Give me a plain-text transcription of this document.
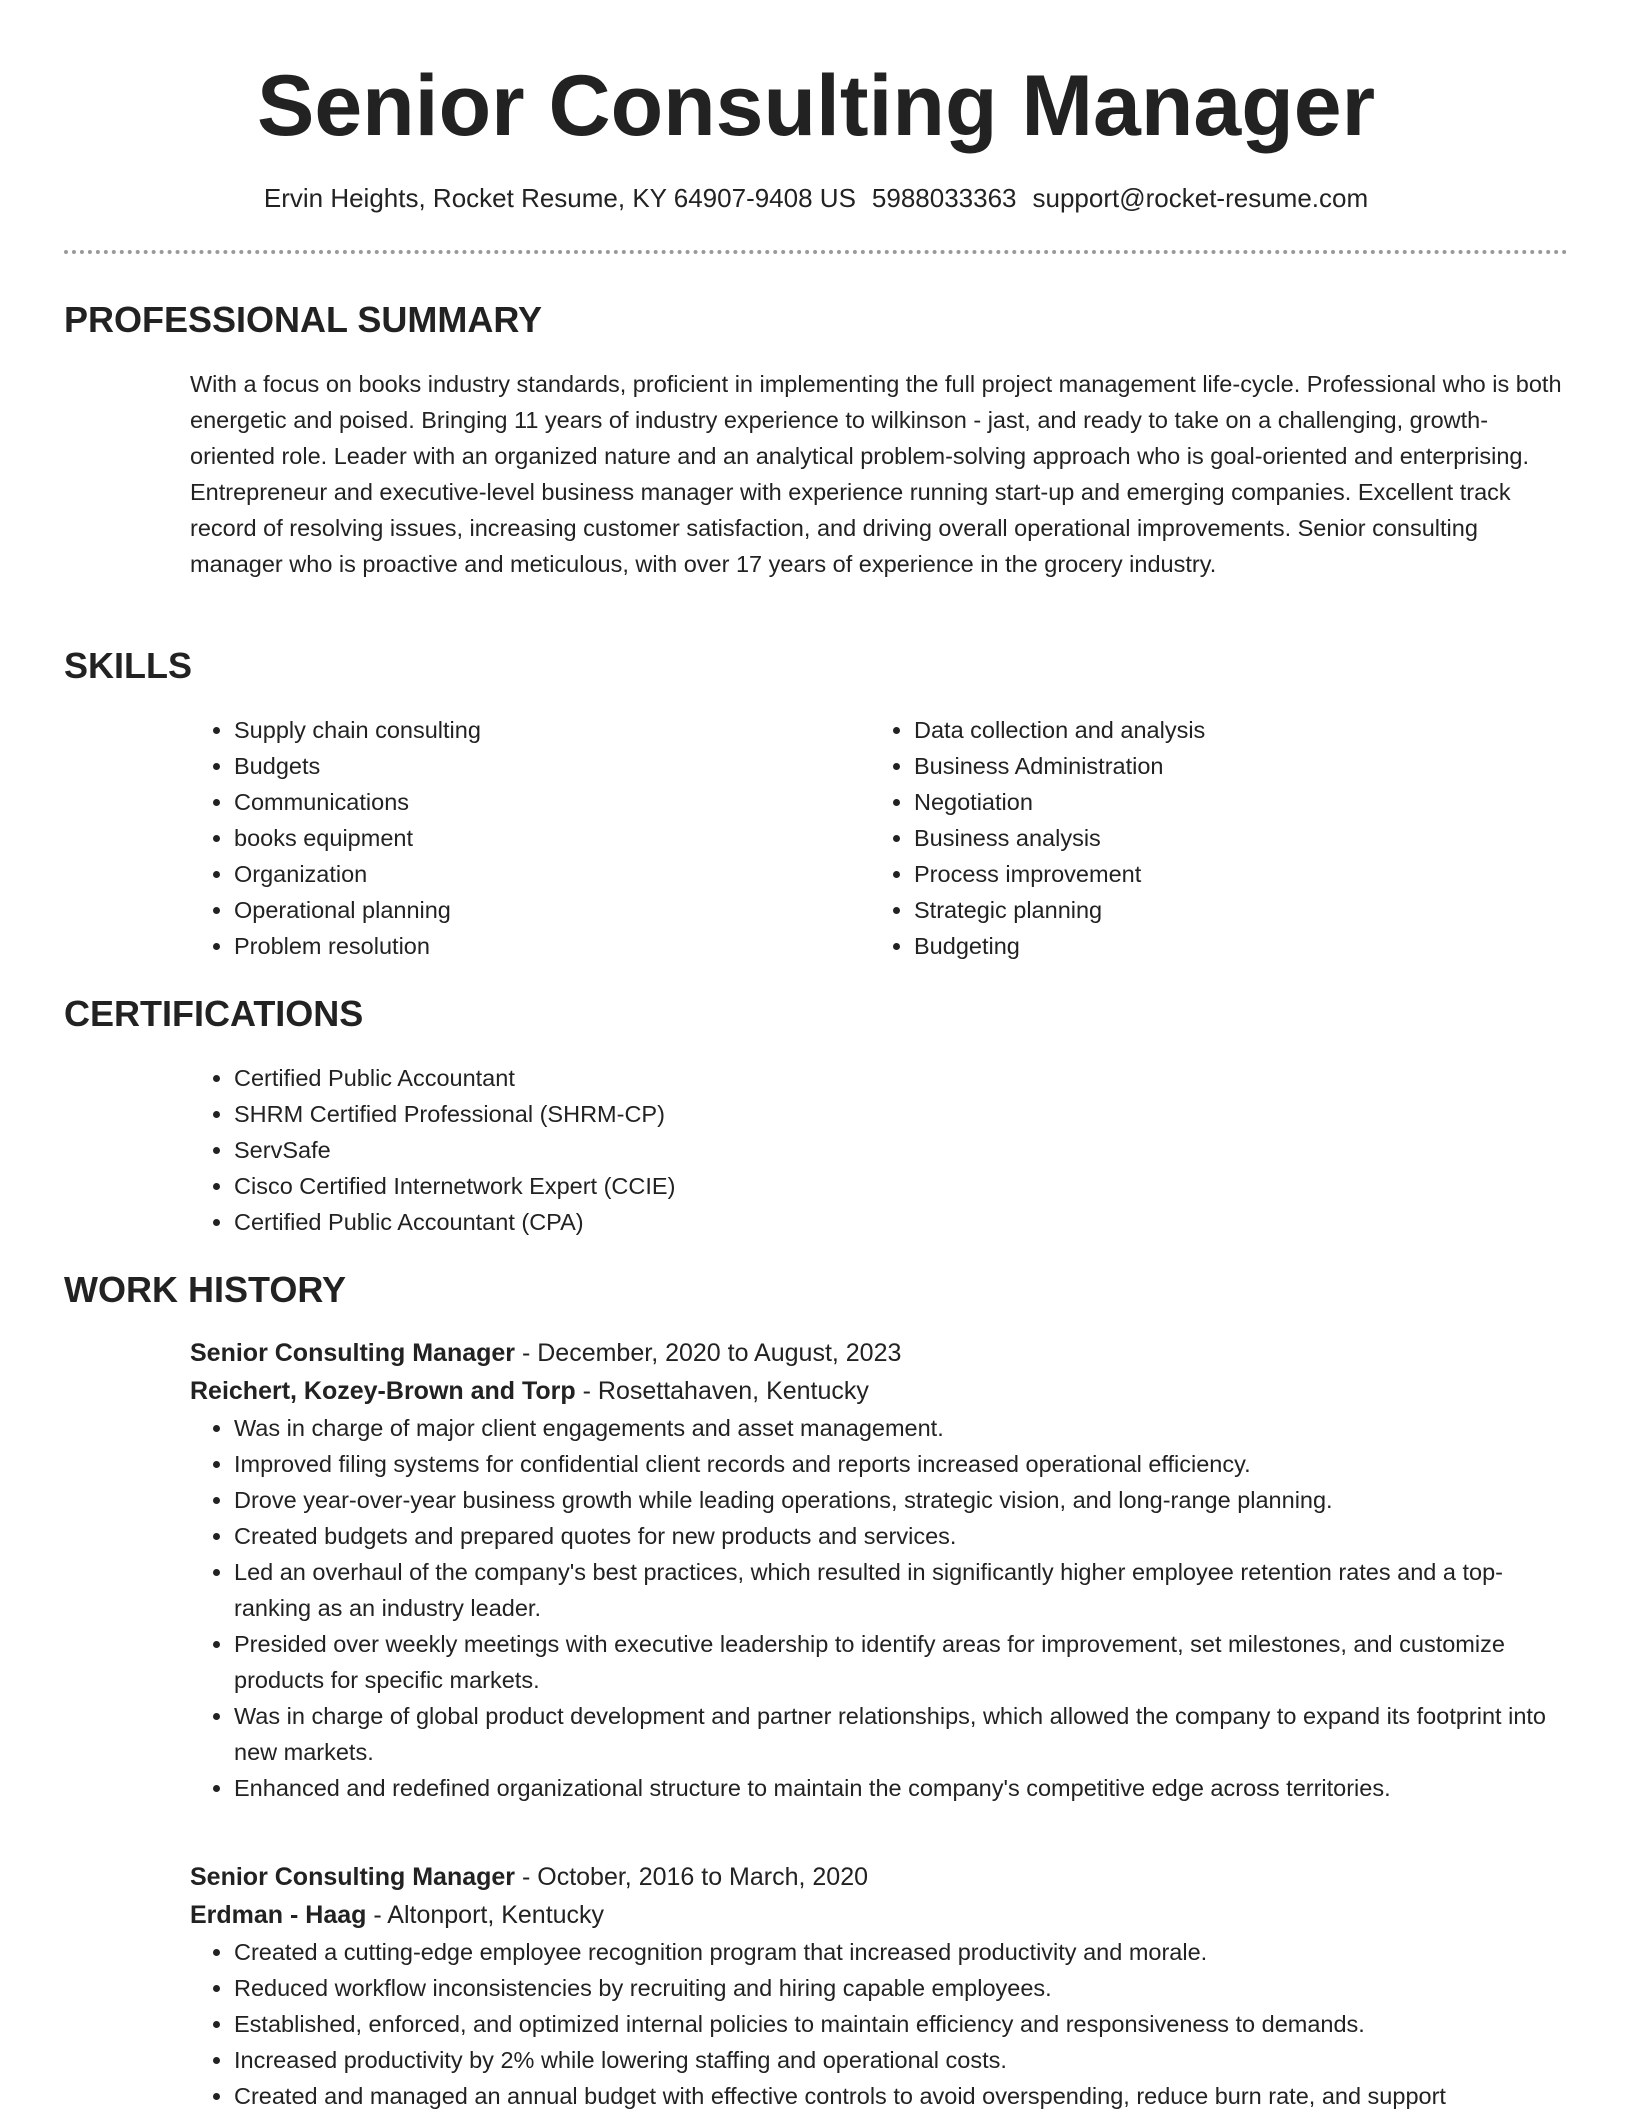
Senior Consulting Manager
Ervin Heights, Rocket Resume, KY 64907-9408 US 5988033363 support@rocket-resume.com
PROFESSIONAL SUMMARY

With a focus on books industry standards, proficient in implementing the full project management life-cycle. Professional who is both energetic and poised. Bringing 11 years of industry experience to wilkinson - jast, and ready to take on a challenging, growth-oriented role. Leader with an organized nature and an analytical problem-solving approach who is goal-oriented and enterprising. Entrepreneur and executive-level business manager with experience running start-up and emerging companies. Excellent track record of resolving issues, increasing customer satisfaction, and driving overall operational improvements. Senior consulting manager who is proactive and meticulous, with over 17 years of experience in the grocery industry.

SKILLS
• Supply chain consulting
• Budgets
• Communications
• books equipment
• Organization
• Operational planning
• Problem resolution
• Data collection and analysis
• Business Administration
• Negotiation
• Business analysis
• Process improvement
• Strategic planning
• Budgeting
CERTIFICATIONS
• Certified Public Accountant
• SHRM Certified Professional (SHRM-CP)
• ServSafe
• Cisco Certified Internetwork Expert (CCIE)
• Certified Public Accountant (CPA)
WORK HISTORY
Senior Consulting Manager - December, 2020 to August, 2023
Reichert, Kozey-Brown and Torp - Rosettahaven, Kentucky
• Was in charge of major client engagements and asset management.
• Improved filing systems for confidential client records and reports increased operational efficiency.
• Drove year-over-year business growth while leading operations, strategic vision, and long-range planning.
• Created budgets and prepared quotes for new products and services.
• Led an overhaul of the company's best practices, which resulted in significantly higher employee retention rates and a top-ranking as an industry leader.
• Presided over weekly meetings with executive leadership to identify areas for improvement, set milestones, and customize products for specific markets.
• Was in charge of global product development and partner relationships, which allowed the company to expand its footprint into new markets.
• Enhanced and redefined organizational structure to maintain the company's competitive edge across territories.
Senior Consulting Manager - October, 2016 to March, 2020
Erdman - Haag - Altonport, Kentucky
• Created a cutting-edge employee recognition program that increased productivity and morale.
• Reduced workflow inconsistencies by recruiting and hiring capable employees.
• Established, enforced, and optimized internal policies to maintain efficiency and responsiveness to demands.
• Increased productivity by 2% while lowering staffing and operational costs.
• Created and managed an annual budget with effective controls to avoid overspending, reduce burn rate, and support
